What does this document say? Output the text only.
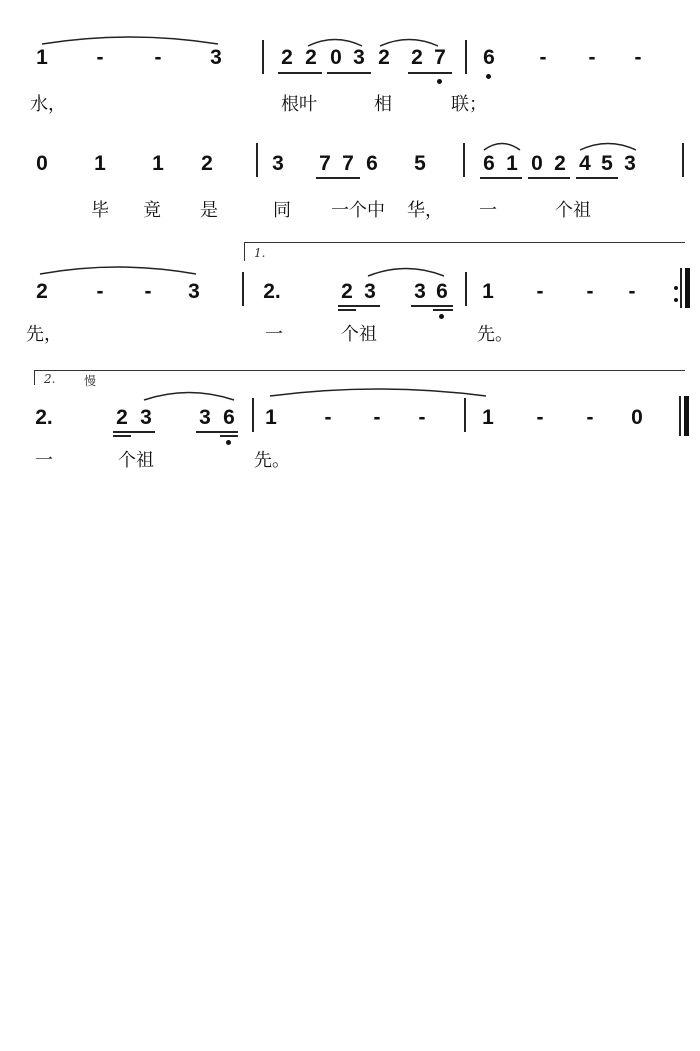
1 - - 3	2 2 0 3 2 2 7 6 - - -
水，	根叶	相	联；
0 1 1 2	3 7 7 6 5	6 1 0 2 4 5 3
毕 竟 是	同 一个中 华， 一	个祖
1.
2 - - 3	2.	2 3 3 6 1 - - -
先，	一	个祖	先。
2. 慢
2.	2 3 3 6 1 - - -	1 - - 0
一	个祖	先。
